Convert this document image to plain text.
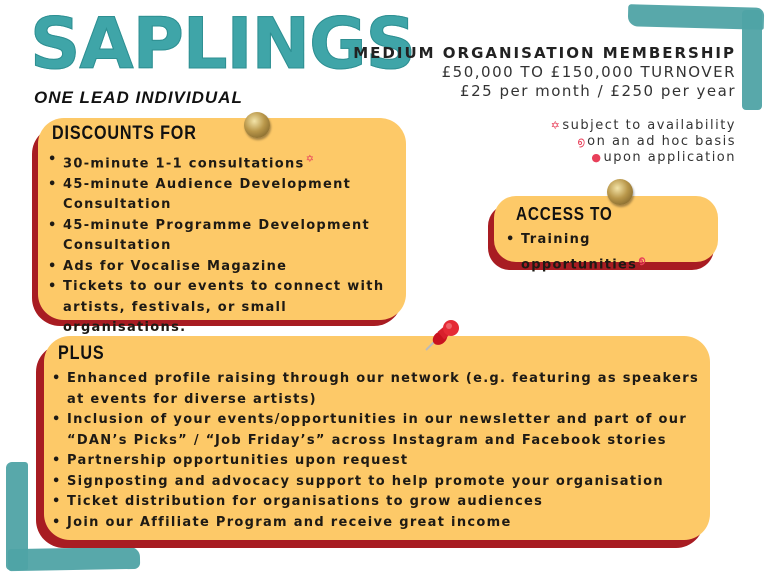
SAPLINGS
ONE LEAD INDIVIDUAL
MEDIUM ORGANISATION MEMBERSHIP
£50,000 TO £150,000 TURNOVER
£25 per month / £250 per year
✡subject to availability
൭on an ad hoc basis
●upon application
DISCOUNTS FOR
• 30-minute 1-1 consultations✡
• 45-minute Audience Development Consultation
• 45-minute Programme Development Consultation
• Ads for Vocalise Magazine
• Tickets to our events to connect with artists, festivals, or small organisations.
ACCESS TO
• Training opportunities$^൭$
PLUS
• Enhanced profile raising through our network (e.g. featuring as speakers at events for diverse artists)
• Inclusion of your events/opportunities in our newsletter and part of our “DAN’s Picks” / “Job Friday’s” across Instagram and Facebook stories
• Partnership opportunities upon request
• Signposting and advocacy support to help promote your organisation
• Ticket distribution for organisations to grow audiences
• Join our Affiliate Program and receive great income
